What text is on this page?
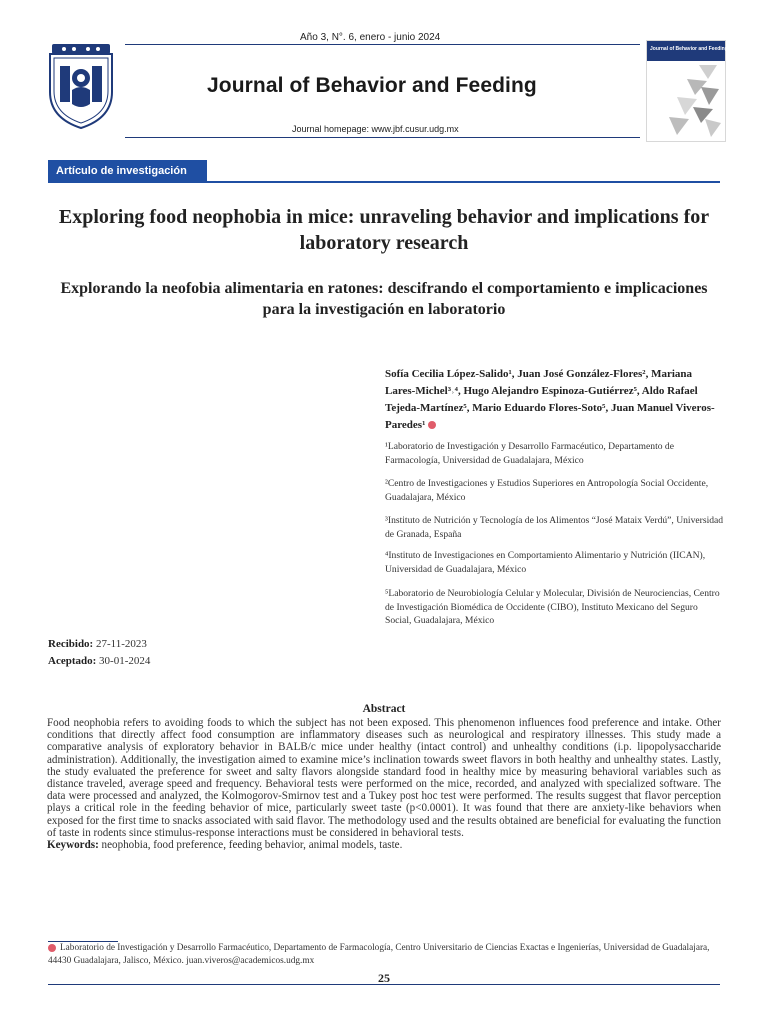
Año 3, N°. 6, enero - junio 2024
UNIVERSIDAD DE GUADALAJARA
Journal of Behavior and Feeding
Journal homepage: www.jbf.cusur.udg.mx
Journal of Behavior and Feeding
Artículo de investigación
Exploring food neophobia in mice: unraveling behavior and implications for laboratory research
Explorando la neofobia alimentaria en ratones: descifrando el comportamiento e implicaciones para la investigación en laboratorio
Sofía Cecilia López-Salido¹, Juan José González-Flores², Mariana Lares-Michel³˒⁴, Hugo Alejandro Espinoza-Gutiérrez⁵, Aldo Rafael Tejeda-Martínez⁵, Mario Eduardo Flores-Soto⁵, Juan Manuel Viveros-Paredes¹
¹Laboratorio de Investigación y Desarrollo Farmacéutico, Departamento de Farmacología, Universidad de Guadalajara, México
²Centro de Investigaciones y Estudios Superiores en Antropología Social Occidente, Guadalajara, México
³Instituto de Nutrición y Tecnología de los Alimentos “José Mataix Verdú”, Universidad de Granada, España
⁴Instituto de Investigaciones en Comportamiento Alimentario y Nutrición (IICAN), Universidad de Guadalajara, México
⁵Laboratorio de Neurobiología Celular y Molecular, División de Neurociencias, Centro de Investigación Biomédica de Occidente (CIBO), Instituto Mexicano del Seguro Social, Guadalajara, México
Recibido: 27-11-2023
Aceptado: 30-01-2024
Abstract
Food neophobia refers to avoiding foods to which the subject has not been exposed. This phenomenon influences food preference and intake. Other conditions that directly affect food consumption are inflammatory diseases such as neurological and respiratory illnesses. This study made a comparative analysis of exploratory behavior in BALB/c mice under healthy (intact control) and unhealthy conditions (i.p. lipopolysaccharide administration). Additionally, the investigation aimed to examine mice’s inclination towards sweet flavors in both healthy and unhealthy states. Lastly, the study evaluated the preference for sweet and salty flavors alongside standard food in healthy mice by measuring behavioral variables such as distance traveled, average speed and frequency. Behavioral tests were performed on the mice, recorded, and analyzed with specialized software. The data were processed and analyzed, the Kolmogorov-Smirnov test and a Tukey post hoc test were performed. The results suggest that flavor perception plays a critical role in the feeding behavior of mice, particularly sweet taste (p<0.0001). It was found that there are anxiety-like behaviors when exposed for the first time to snacks associated with said flavor. The methodology used and the results obtained are beneficial for evaluating the function of taste in rodents since stimulus-response interactions must be considered in behavioral tests.
Keywords: neophobia, food preference, feeding behavior, animal models, taste.
Laboratorio de Investigación y Desarrollo Farmacéutico, Departamento de Farmacología, Centro Universitario de Ciencias Exactas e Ingenierías, Universidad de Guadalajara, 44430 Guadalajara, Jalisco, México. juan.viveros@academicos.udg.mx
25
